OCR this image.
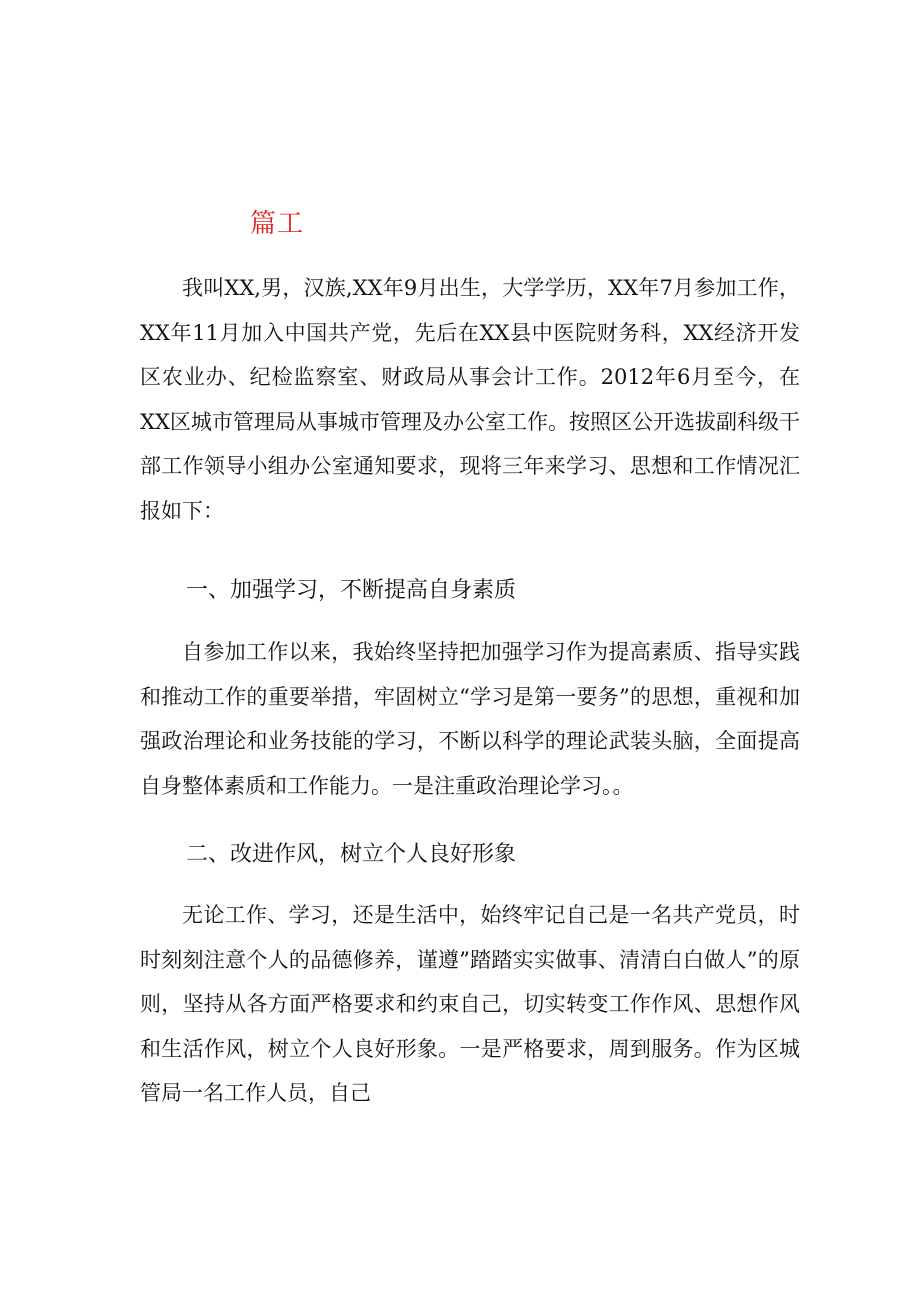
篇工

我叫XX,男，汉族,XX年9月出生，大学学历，XX年7月参加工作，XX年11月加入中国共产党，先后在XX县中医院财务科，XX经济开发区农业办、纪检监察室、财政局从事会计工作。2012年6月至今，在XX区城市管理局从事城市管理及办公室工作。按照区公开选拔副科级干部工作领导小组办公室通知要求，现将三年来学习、思想和工作情况汇报如下：

一、加强学习，不断提高自身素质

自参加工作以来，我始终坚持把加强学习作为提高素质、指导实践和推动工作的重要举措，牢固树立“学习是第一要务”的思想，重视和加强政治理论和业务技能的学习，不断以科学的理论武装头脑，全面提高自身整体素质和工作能力。一是注重政治理论学习。。

二、改进作风，树立个人良好形象

无论工作、学习，还是生活中，始终牢记自己是一名共产党员，时时刻刻注意个人的品德修养，谨遵”踏踏实实做事、清清白白做人”的原则，坚持从各方面严格要求和约束自己，切实转变工作作风、思想作风和生活作风，树立个人良好形象。一是严格要求，周到服务。作为区城管局一名工作人员，自己
